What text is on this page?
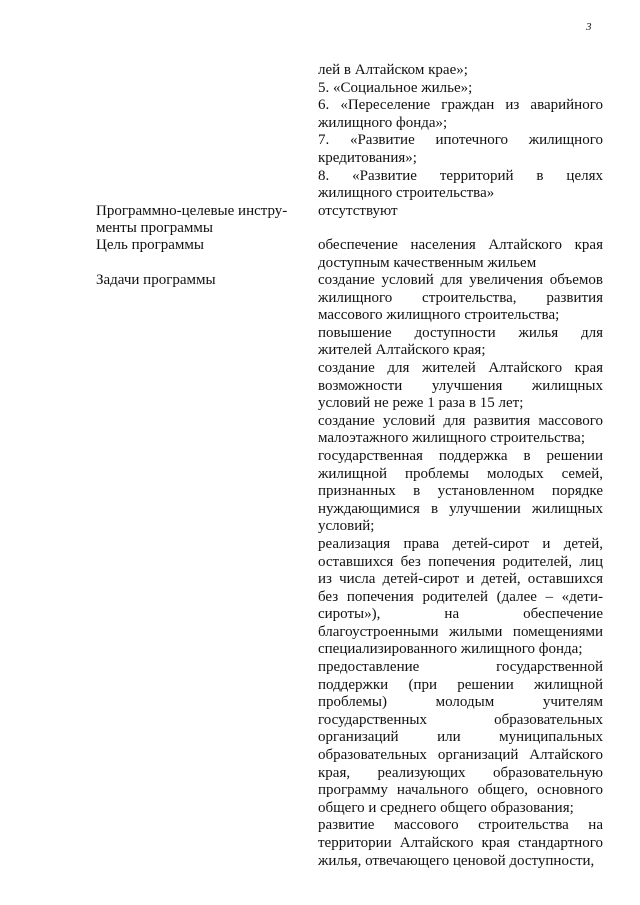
3

лей в Алтайском крае»;

5. «Социальное жилье»;

6. «Переселение граждан из аварийного жилищного фонда»;

7. «Развитие ипотечного жилищного кредитования»;

8. «Развитие территорий в целях жилищного строительства»

Программно-целевые инстру-
менты программы

отсутствуют

Цель программы	обеспечение населения Алтайского края доступным качественным жильем

Задачи программы	создание условий для увеличения объемов жилищного строительства, развития массового жилищного строительства;

повышение доступности жилья для жителей Алтайского края;

создание для жителей Алтайского края возможности улучшения жилищных условий не реже 1 раза в 15 лет;

создание условий для развития массового малоэтажного жилищного строительства;

государственная поддержка в решении жилищной проблемы молодых семей, признанных в установленном порядке нуждающимися в улучшении жилищных условий;

реализация права детей-сирот и детей, оставшихся без попечения родителей, лиц из числа детей-сирот и детей, оставшихся без попечения родителей (далее – «дети-сироты»), на обеспечение благоустроенными жилыми помещениями специализированного жилищного фонда;

предоставление государственной поддержки (при решении жилищной проблемы) молодым учителям государственных образовательных организаций или муниципальных образовательных организаций Алтайского края, реализующих образовательную программу начального общего, основного общего и среднего общего образования;

развитие массового строительства на территории Алтайского края стандартного жилья, отвечающего ценовой доступности,
